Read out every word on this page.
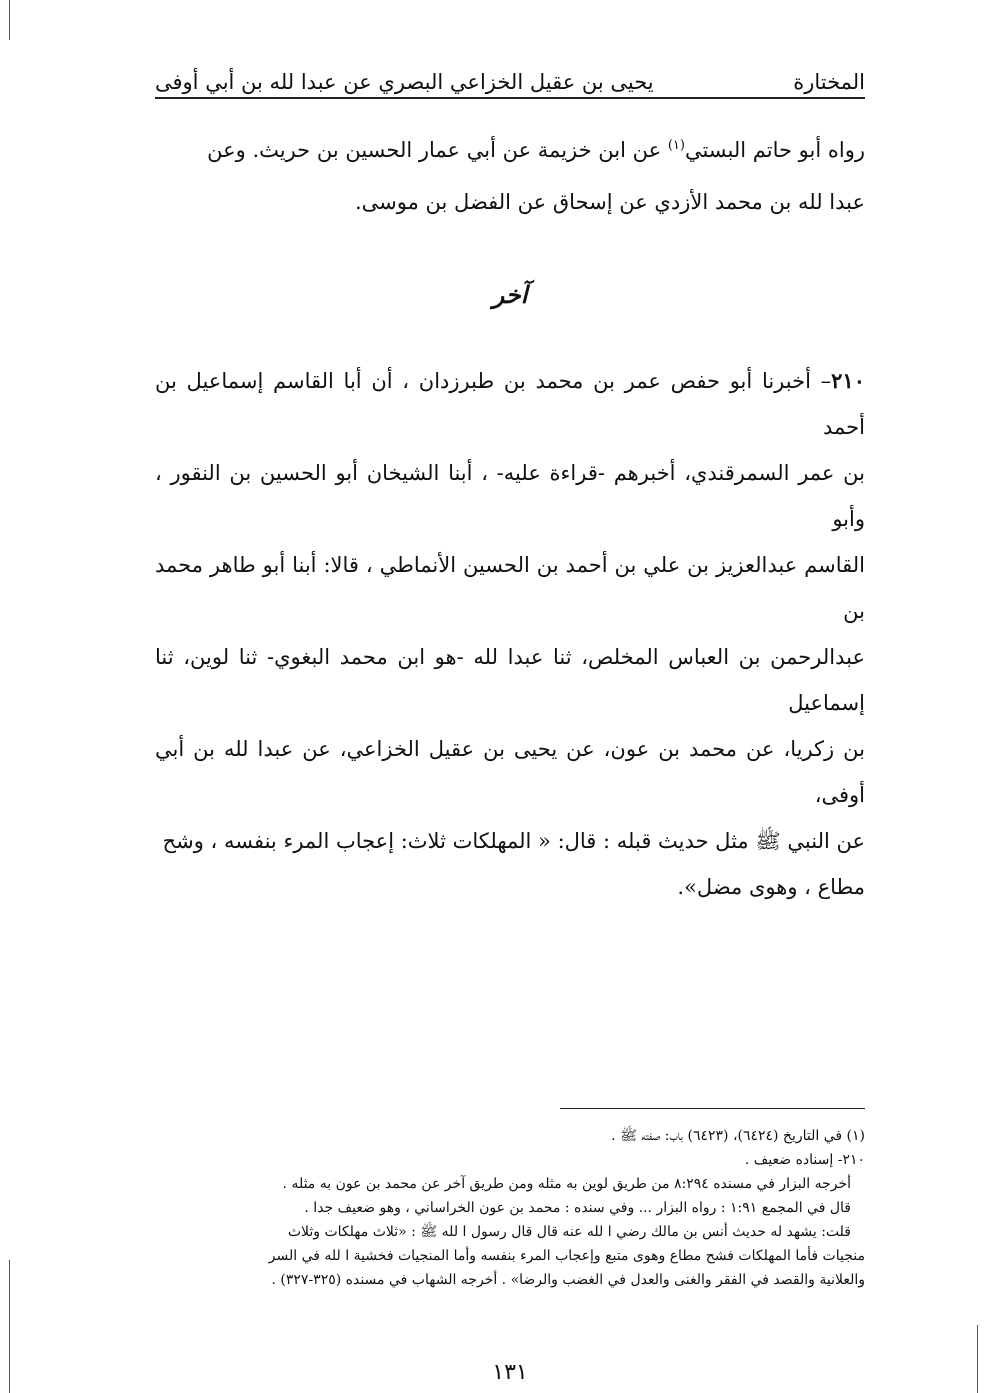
المختارة
يحيى بن عقيل الخزاعي البصري عن عبدا لله بن أبي أوفى

رواه أبو حاتم البستي$^{(١)}$ عن ابن خزيمة عن أبي عمار الحسين بن حريث. وعن

عبدا لله بن محمد الأزدي عن إسحاق عن الفضل بن موسى.

آخر

٢١٠– أخبرنا أبو حفص عمر بن محمد بن طبرزدان ، أن أبا القاسم إسماعيل بن أحمد

بن عمر السمرقندي، أخبرهم -قراءة عليه- ، أبنا الشيخان أبو الحسين بن النقور ، وأبو

القاسم عبدالعزيز بن علي بن أحمد بن الحسين الأنماطي ، قالا: أبنا أبو طاهر محمد بن

عبدالرحمن بن العباس المخلص، ثنا عبدا لله -هو ابن محمد البغوي- ثنا لوين، ثنا إسماعيل

بن زكريا، عن محمد بن عون، عن يحيى بن عقيل الخزاعي، عن عبدا لله بن أبي أوفى،

عن النبي ﷺ مثل حديث قبله : قال: « المهلكات ثلاث: إعجاب المرء بنفسه ، وشح

مطاع ، وهوى مضل».

(١) في التاريخ (٦٤٢٤)، (٦٤٢٣) باب: صفته ﷺ .

٢١٠- إسناده ضعيف .

أخرجه البزار في مسنده ٨:٢٩٤ من طريق لوين به مثله ومن طريق آخر عن محمد بن عون به مثله .

قال في المجمع ١:٩١ : رواه البزار ... وفي سنده : محمد بن عون الخراساني ، وهو ضعيف جدا .

قلت: يشهد له حديث أنس بن مالك رضي ا لله عنه قال قال رسول ا لله ﷺ : «ثلاث مهلكات وثلاث

منجيات فأما المهلكات فشح مطاع وهوى متبع وإعجاب المرء بنفسه وأما المنجيات فخشية ا لله في السر

والعلانية والقصد في الفقر والغنى والعدل في الغضب والرضا» . أخرجه الشهاب في مسنده (٣٢٥-٣٢٧) .

١٣١
